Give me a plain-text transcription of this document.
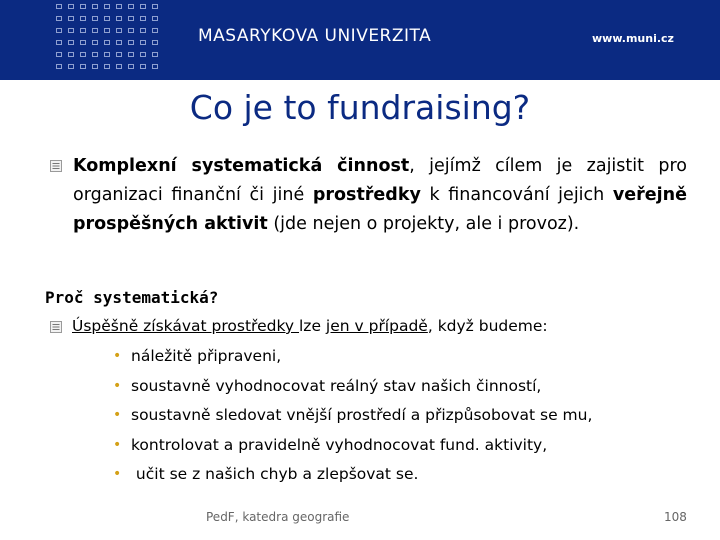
MASARYKOVA UNIVERZITA	www.muni.cz
Co je to fundraising?
Komplexní systematická činnost, jejímž cílem je zajistit pro organizaci finanční či jiné prostředky k financování jejich veřejně prospěšných aktivit (jde nejen o projekty, ale i provoz).
Proč systematická?
Úspěšně získávat prostředky lze jen v případě, když budeme:
• náležitě připraveni,
• soustavně vyhodnocovat reálný stav našich činností,
• soustavně sledovat vnější prostředí a přizpůsobovat se mu,
• kontrolovat a pravidelně vyhodnocovat fund. aktivity,
• učit se z našich chyb a zlepšovat se.
PedF, katedra geografie	108
